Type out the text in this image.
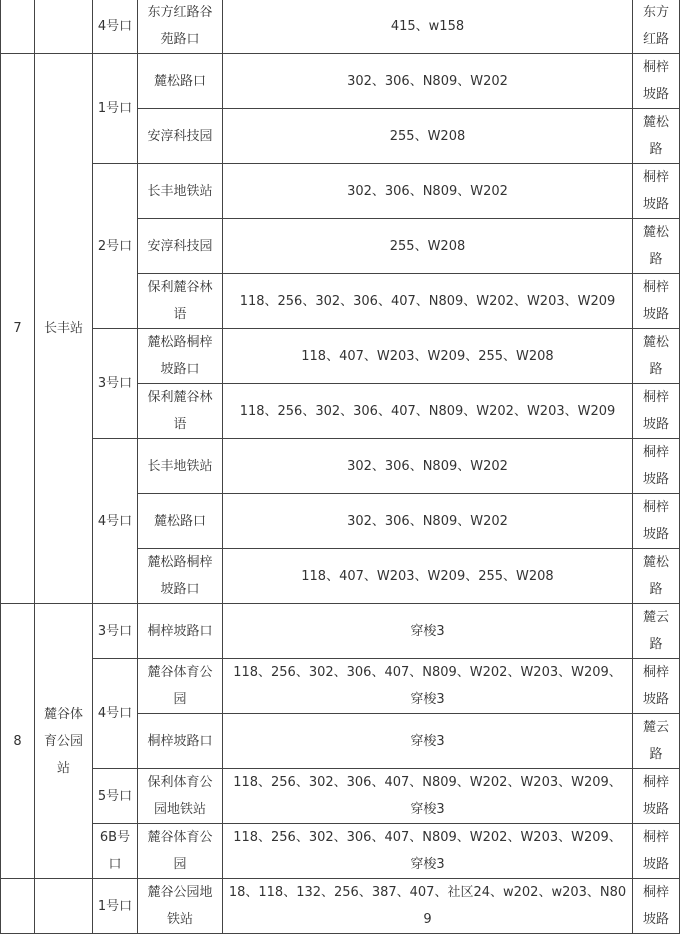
		4号口	东方红路谷苑路口	415、w158	东方红路
7	长丰站	1号口	麓松路口	302、306、N809、W202	桐梓坡路
			安淳科技园	255、W208	麓松路
		2号口	长丰地铁站	302、306、N809、W202	桐梓坡路
			安淳科技园	255、W208	麓松路
			保利麓谷林语	118、256、302、306、407、N809、W202、W203、W209	桐梓坡路
		3号口	麓松路桐梓坡路口	118、407、W203、W209、255、W208	麓松路
			保利麓谷林语	118、256、302、306、407、N809、W202、W203、W209	桐梓坡路
		4号口	长丰地铁站	302、306、N809、W202	桐梓坡路
			麓松路口	302、306、N809、W202	桐梓坡路
			麓松路桐梓坡路口	118、407、W203、W209、255、W208	麓松路
8	麓谷体育公园站	3号口	桐梓坡路口	穿梭3	麓云路
		4号口	麓谷体育公园	118、256、302、306、407、N809、W202、W203、W209、穿梭3	桐梓坡路
			桐梓坡路口	穿梭3	麓云路
		5号口	保利体育公园地铁站	118、256、302、306、407、N809、W202、W203、W209、穿梭3	桐梓坡路
		6B号口	麓谷体育公园	118、256、302、306、407、N809、W202、W203、W209、穿梭3	桐梓坡路
		1号口	麓谷公园地铁站	18、118、132、256、387、407、社区24、w202、w203、N809	桐梓坡路
